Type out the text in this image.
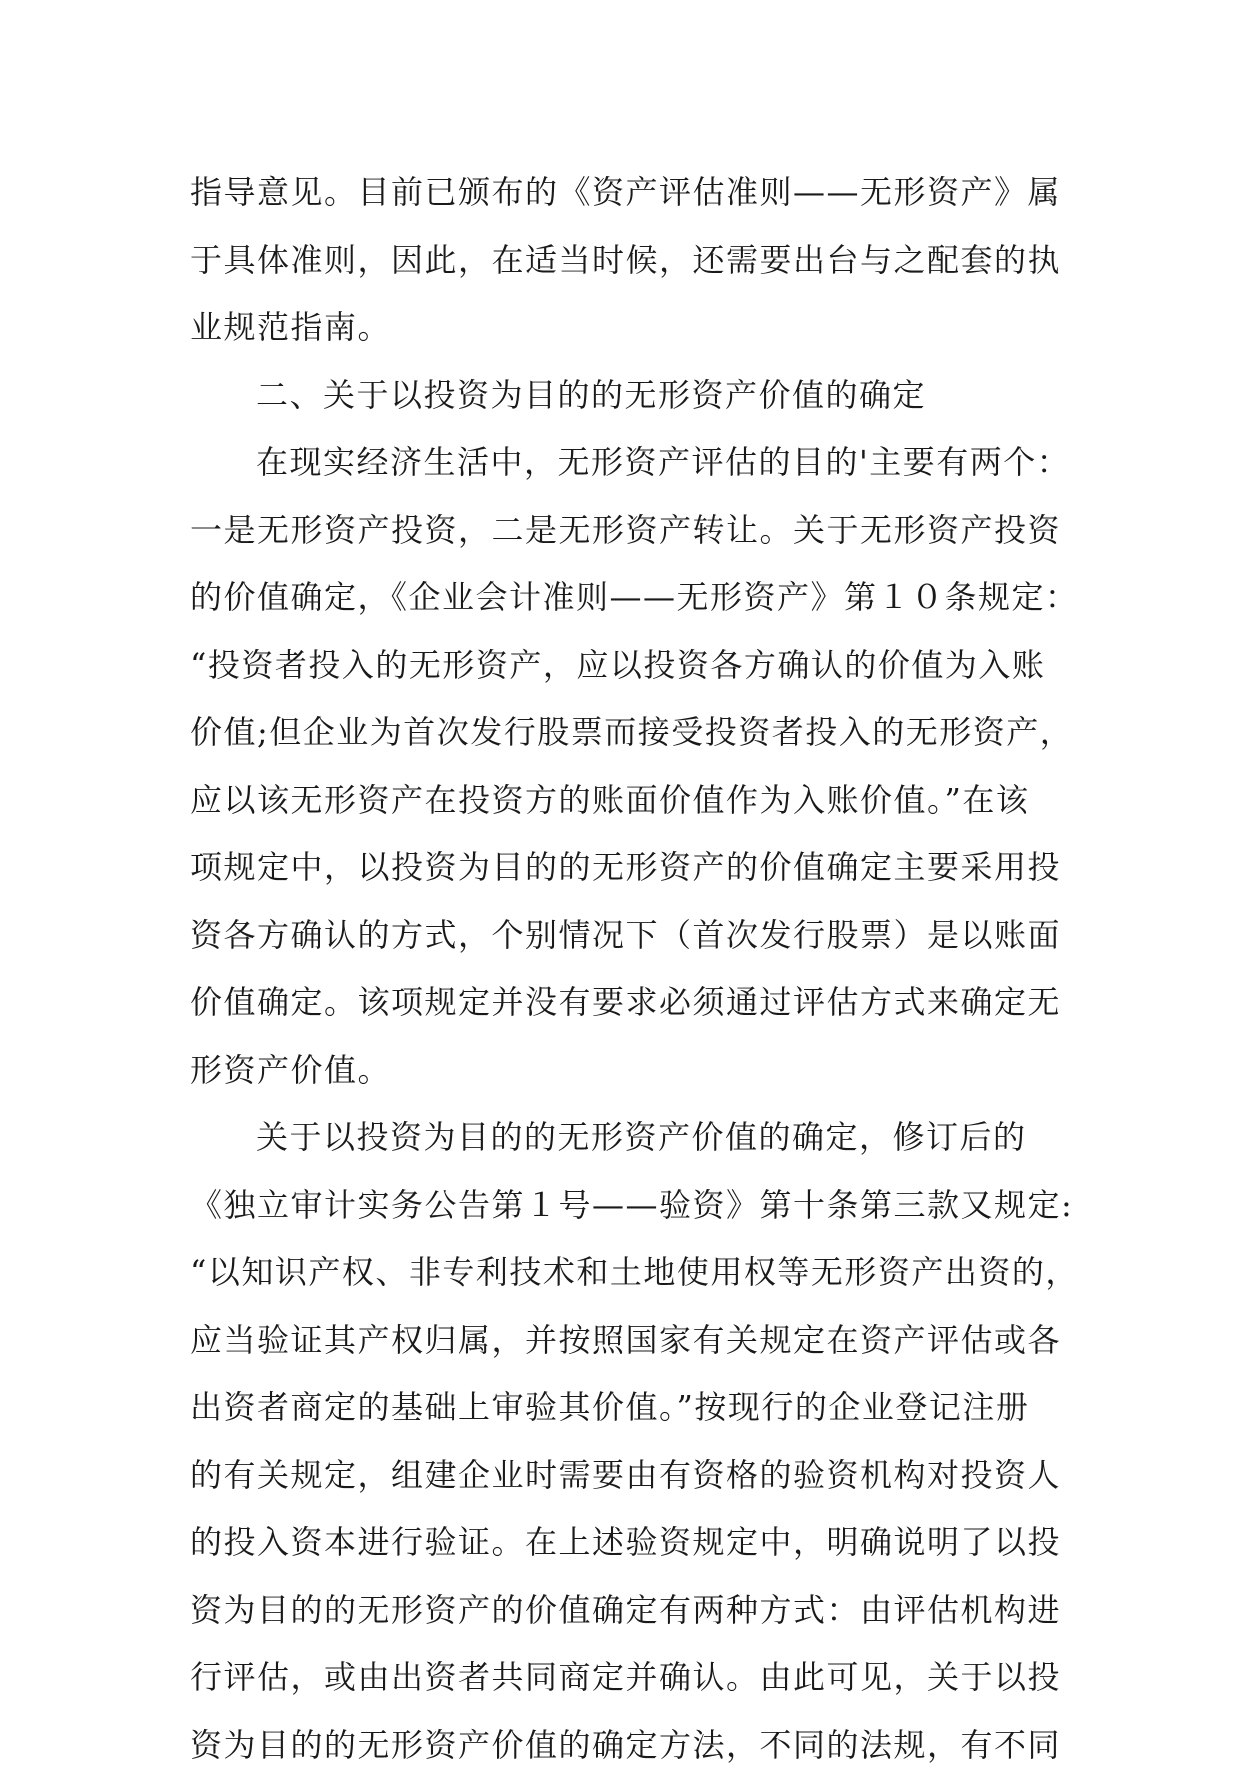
指导意见。目前已颁布的《资产评估准则——无形资产》属

于具体准则，因此，在适当时候，还需要出台与之配套的执

业规范指南。

二、关于以投资为目的的无形资产价值的确定

在现实经济生活中，无形资产评估的目的'主要有两个：

一是无形资产投资，二是无形资产转让。关于无形资产投资

的价值确定，《企业会计准则——无形资产》第１０条规定：

“投资者投入的无形资产，应以投资各方确认的价值为入账

价值;但企业为首次发行股票而接受投资者投入的无形资产，

应以该无形资产在投资方的账面价值作为入账价值。”在该

项规定中，以投资为目的的无形资产的价值确定主要采用投

资各方确认的方式，个别情况下（首次发行股票）是以账面

价值确定。该项规定并没有要求必须通过评估方式来确定无

形资产价值。

关于以投资为目的的无形资产价值的确定，修订后的

《独立审计实务公告第１号——验资》第十条第三款又规定:

“以知识产权、非专利技术和土地使用权等无形资产出资的，

应当验证其产权归属，并按照国家有关规定在资产评估或各

出资者商定的基础上审验其价值。”按现行的企业登记注册

的有关规定，组建企业时需要由有资格的验资机构对投资人

的投入资本进行验证。在上述验资规定中，明确说明了以投

资为目的的无形资产的价值确定有两种方式：由评估机构进

行评估，或由出资者共同商定并确认。由此可见，关于以投

资为目的的无形资产价值的确定方法，不同的法规，有不同
